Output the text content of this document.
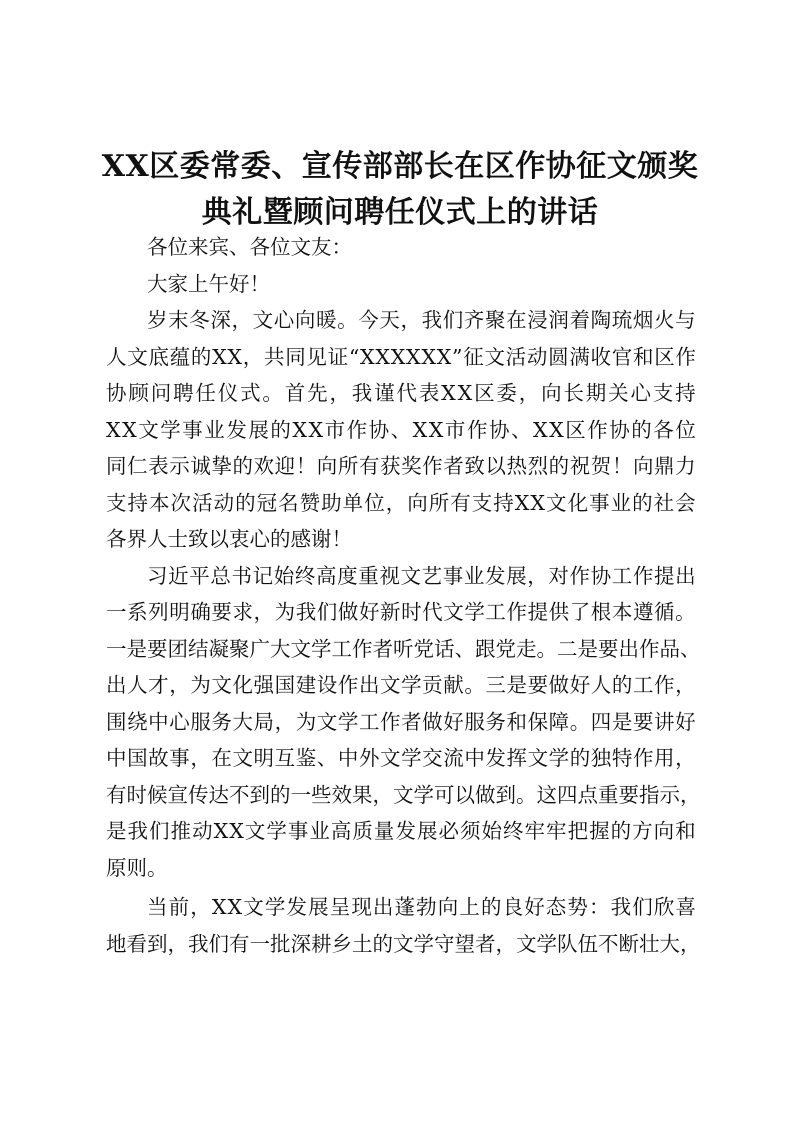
XX区委常委、宣传部部长在区作协征文颁奖
典礼暨顾问聘任仪式上的讲话
各位来宾、各位文友：
大家上午好！
岁 末 冬 深 ， 文 心 向 暖 。 今 天 ， 我 们 齐 聚 在 浸 润 着 陶 琉 烟 火 与
人 文 底 蕴 的 X X ， 共 同 见 证 “ X X X X X X ” 征 文 活 动 圆 满 收 官 和 区 作
协 顾 问 聘 任 仪 式 。 首 先 ， 我 谨 代 表 X X 区 委 ， 向 长 期 关 心 支 持
X X 文 学 事 业 发 展 的 X X 市 作 协 、 X X 市 作 协 、 X X 区 作 协 的 各 位
同 仁 表 示 诚 挚 的 欢 迎 ！ 向 所 有 获 奖 作 者 致 以 热 烈 的 祝 贺 ！ 向 鼎 力
支 持 本 次 活 动 的 冠 名 赞 助 单 位 ， 向 所 有 支 持 X X 文 化 事 业 的 社 会
各界人士致以衷心的感谢！
习 近 平 总 书 记 始 终 高 度 重 视 文 艺 事 业 发 展 ， 对 作 协 工 作 提 出
一 系 列 明 确 要 求 ， 为 我 们 做 好 新 时 代 文 学 工 作 提 供 了 根 本 遵 循 。
一 是 要 团 结 凝 聚 广 大 文 学 工 作 者 听 党 话 、 跟 党 走 。 二 是 要 出 作 品 、
出 人 才 ， 为 文 化 强 国 建 设 作 出 文 学 贡 献 。 三 是 要 做 好 人 的 工 作 ，
围 绕 中 心 服 务 大 局 ， 为 文 学 工 作 者 做 好 服 务 和 保 障 。 四 是 要 讲 好
中 国 故 事 ， 在 文 明 互 鉴 、 中 外 文 学 交 流 中 发 挥 文 学 的 独 特 作 用 ，
有 时 候 宣 传 达 不 到 的 一 些 效 果 ， 文 学 可 以 做 到 。 这 四 点 重 要 指 示 ，
是 我 们 推 动 X X 文 学 事 业 高 质 量 发 展 必 须 始 终 牢 牢 把 握 的 方 向 和
原则。
当 前 ， X X 文 学 发 展 呈 现 出 蓬 勃 向 上 的 良 好 态 势 ： 我 们 欣 喜
地 看 到 ， 我 们 有 一 批 深 耕 乡 土 的 文 学 守 望 者 ， 文 学 队 伍 不 断 壮 大 ，
